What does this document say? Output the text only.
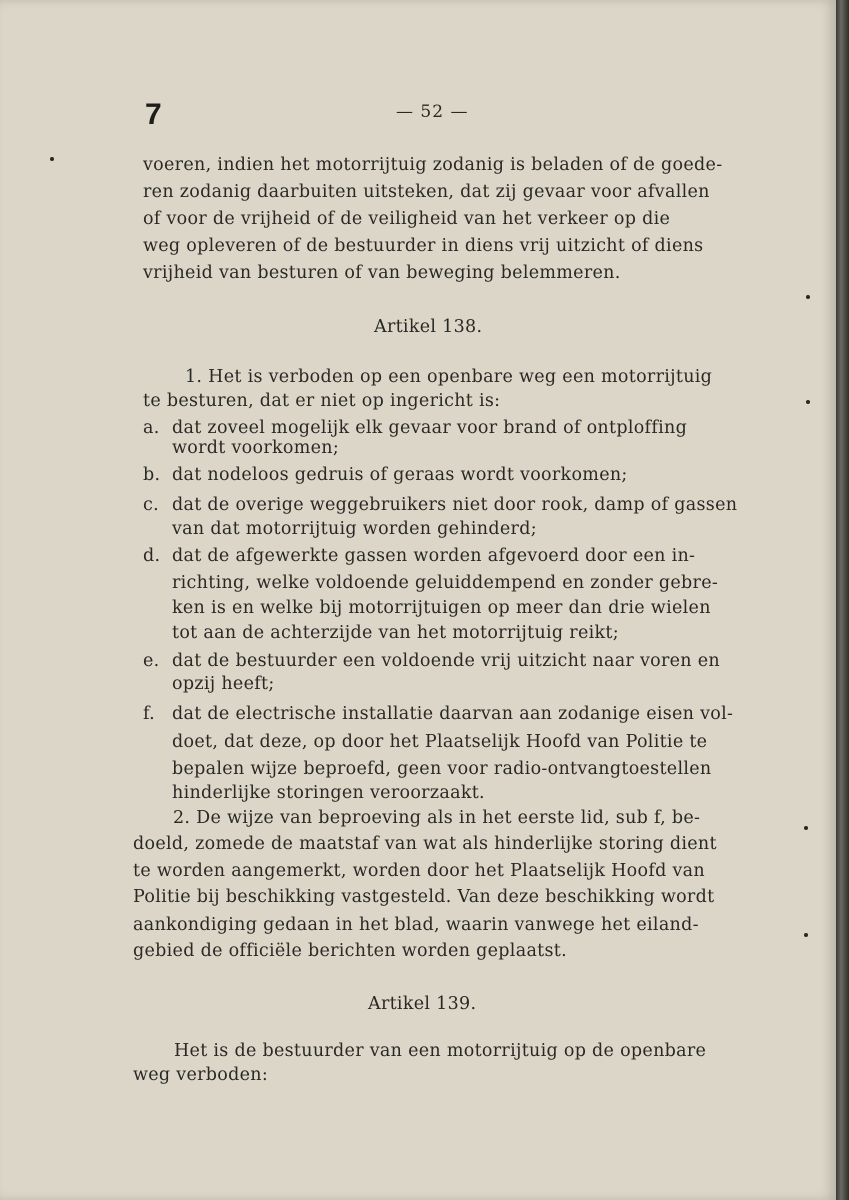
7	— 52 —
voeren, indien het motorrijtuig zodanig is beladen of de goede-
ren zodanig daarbuiten uitsteken, dat zij gevaar voor afvallen
of voor de vrijheid of de veiligheid van het verkeer op die
weg opleveren of de bestuurder in diens vrij uitzicht of diens
vrijheid van besturen of van beweging belemmeren.
Artikel 138.
1. Het is verboden op een openbare weg een motorrijtuig
te besturen, dat er niet op ingericht is:
a. dat zoveel mogelijk elk gevaar voor brand of ontploffing
wordt voorkomen;
b. dat nodeloos gedruis of geraas wordt voorkomen;
c. dat de overige weggebruikers niet door rook, damp of gassen
van dat motorrijtuig worden gehinderd;
d. dat de afgewerkte gassen worden afgevoerd door een in-
richting, welke voldoende geluiddempend en zonder gebre-
ken is en welke bij motorrijtuigen op meer dan drie wielen
tot aan de achterzijde van het motorrijtuig reikt;
e. dat de bestuurder een voldoende vrij uitzicht naar voren en
opzij heeft;
f. dat de electrische installatie daarvan aan zodanige eisen vol-
doet, dat deze, op door het Plaatselijk Hoofd van Politie te
bepalen wijze beproefd, geen voor radio-ontvangtoestellen
hinderlijke storingen veroorzaakt.
2. De wijze van beproeving als in het eerste lid, sub f, be-
doeld, zomede de maatstaf van wat als hinderlijke storing dient
te worden aangemerkt, worden door het Plaatselijk Hoofd van
Politie bij beschikking vastgesteld. Van deze beschikking wordt
aankondiging gedaan in het blad, waarin vanwege het eiland-
gebied de officiële berichten worden geplaatst.
Artikel 139.
Het is de bestuurder van een motorrijtuig op de openbare
weg verboden:
